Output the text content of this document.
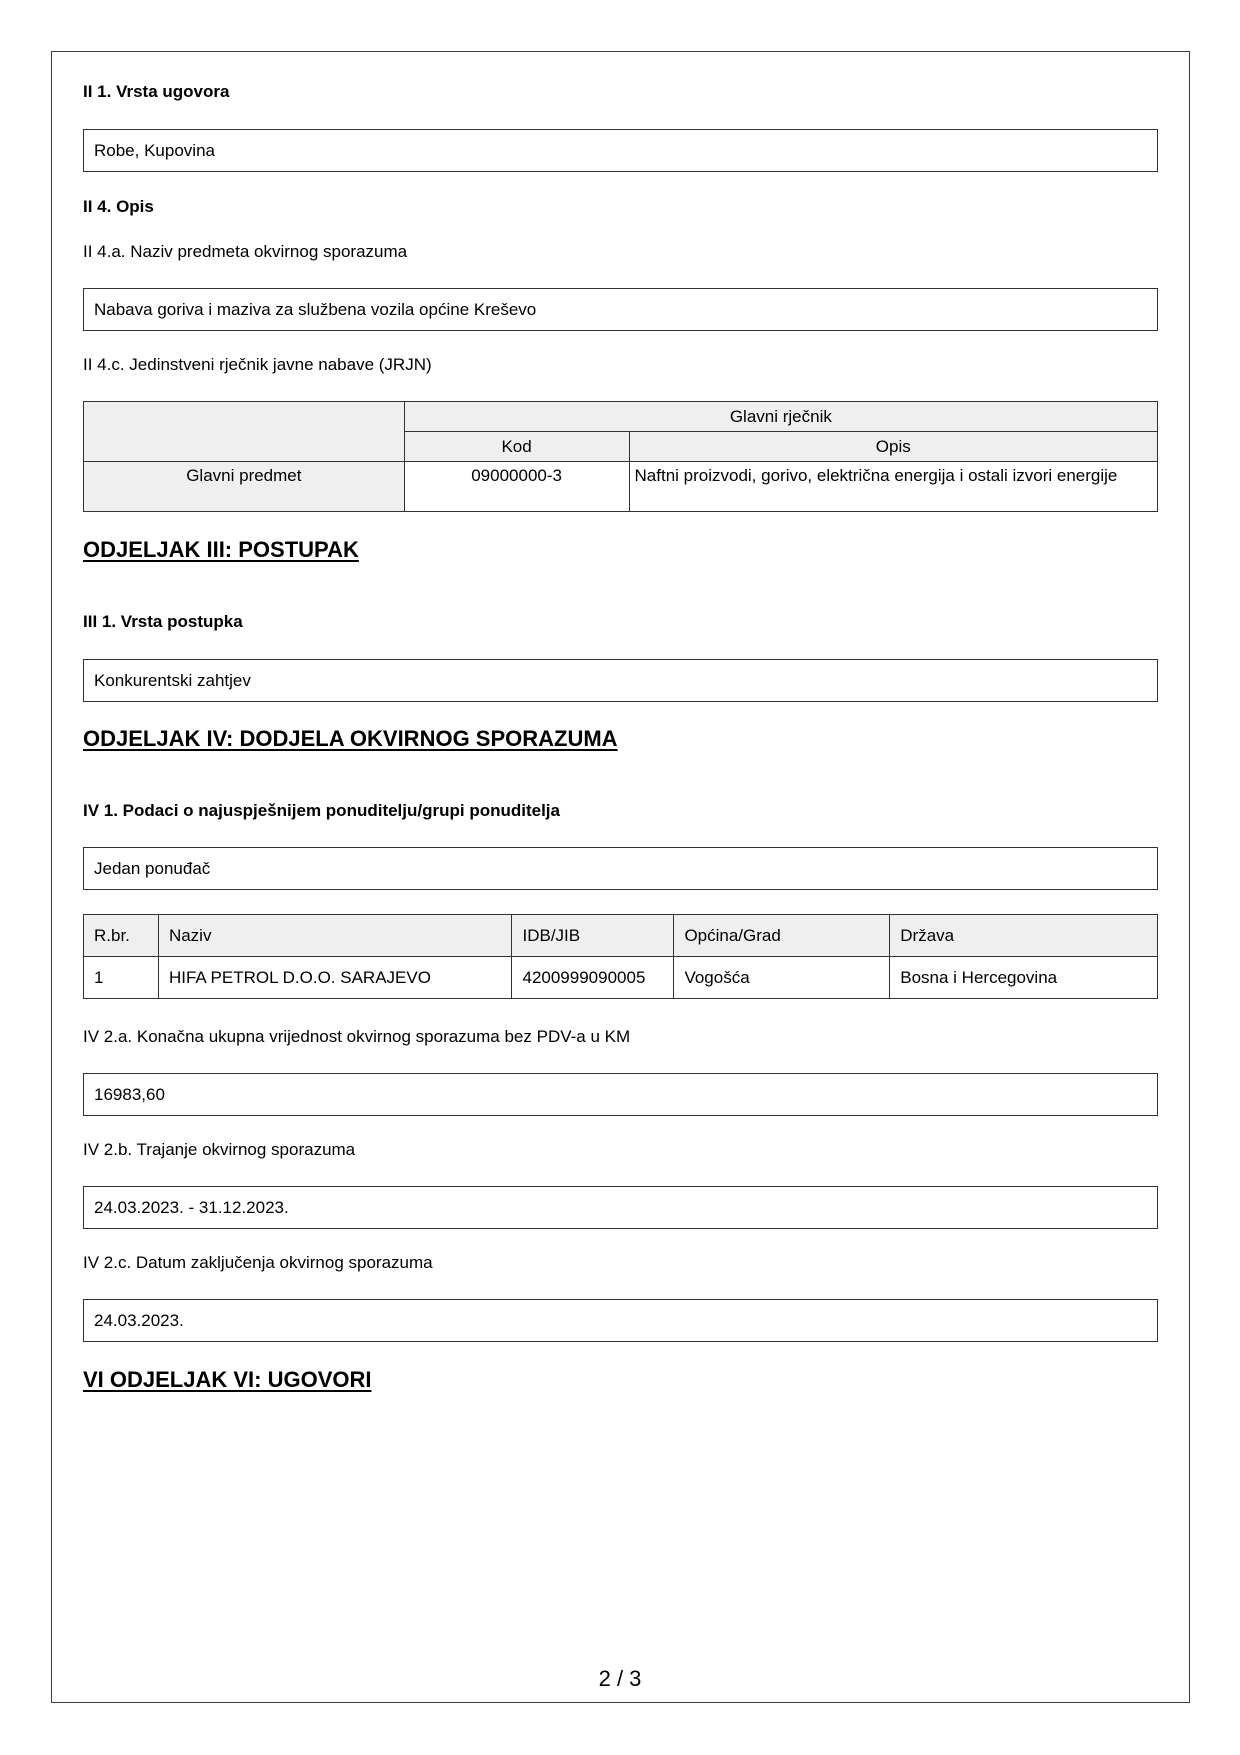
II 1. Vrsta ugovora
Robe, Kupovina
II 4. Opis
II 4.a. Naziv predmeta okvirnog sporazuma
Nabava goriva i maziva za službena vozila općine Kreševo
II 4.c. Jedinstveni rječnik javne nabave (JRJN)
	Glavni rječnik	
	Kod	Opis
Glavni predmet	09000000-3	Naftni proizvodi, gorivo, električna energija i ostali izvori energije
ODJELJAK III: POSTUPAK
III 1. Vrsta postupka
Konkurentski zahtjev
ODJELJAK IV: DODJELA OKVIRNOG SPORAZUMA
IV 1. Podaci o najuspješnijem ponuditelju/grupi ponuditelja
Jedan ponuđač
R.br.	Naziv	IDB/JIB	Općina/Grad	Država
1	HIFA PETROL D.O.O. SARAJEVO	4200999090005	Vogošća	Bosna i Hercegovina
IV 2.a. Konačna ukupna vrijednost okvirnog sporazuma bez PDV-a u KM
16983,60
IV 2.b. Trajanje okvirnog sporazuma
24.03.2023. - 31.12.2023.
IV 2.c. Datum zaključenja okvirnog sporazuma
24.03.2023.
VI ODJELJAK VI: UGOVORI
2 / 3
